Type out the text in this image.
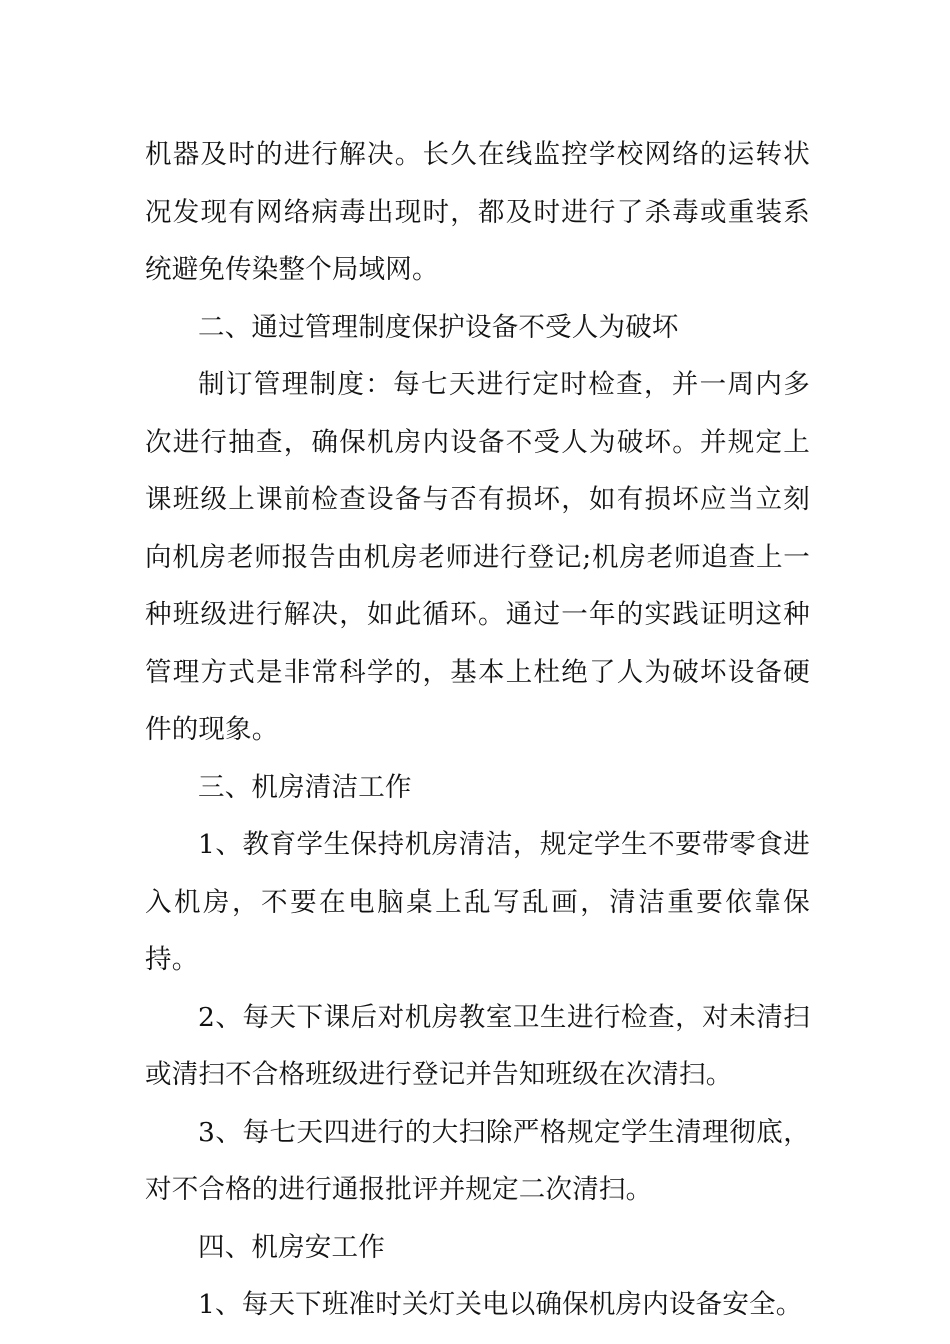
机器及时的进行解决。长久在线监控学校网络的运转状况发现有网络病毒出现时，都及时进行了杀毒或重装系统避免传染整个局域网。

二、通过管理制度保护设备不受人为破坏

制订管理制度：每七天进行定时检查，并一周内多次进行抽查，确保机房内设备不受人为破坏。并规定上课班级上课前检查设备与否有损坏，如有损坏应当立刻向机房老师报告由机房老师进行登记;机房老师追查上一种班级进行解决，如此循环。通过一年的实践证明这种管理方式是非常科学的，基本上杜绝了人为破坏设备硬件的现象。

三、机房清洁工作

1、教育学生保持机房清洁，规定学生不要带零食进入机房，不要在电脑桌上乱写乱画，清洁重要依靠保持。

2、每天下课后对机房教室卫生进行检查，对未清扫或清扫不合格班级进行登记并告知班级在次清扫。

3、每七天四进行的大扫除严格规定学生清理彻底，对不合格的进行通报批评并规定二次清扫。

四、机房安工作

1、每天下班准时关灯关电以确保机房内设备安全。
